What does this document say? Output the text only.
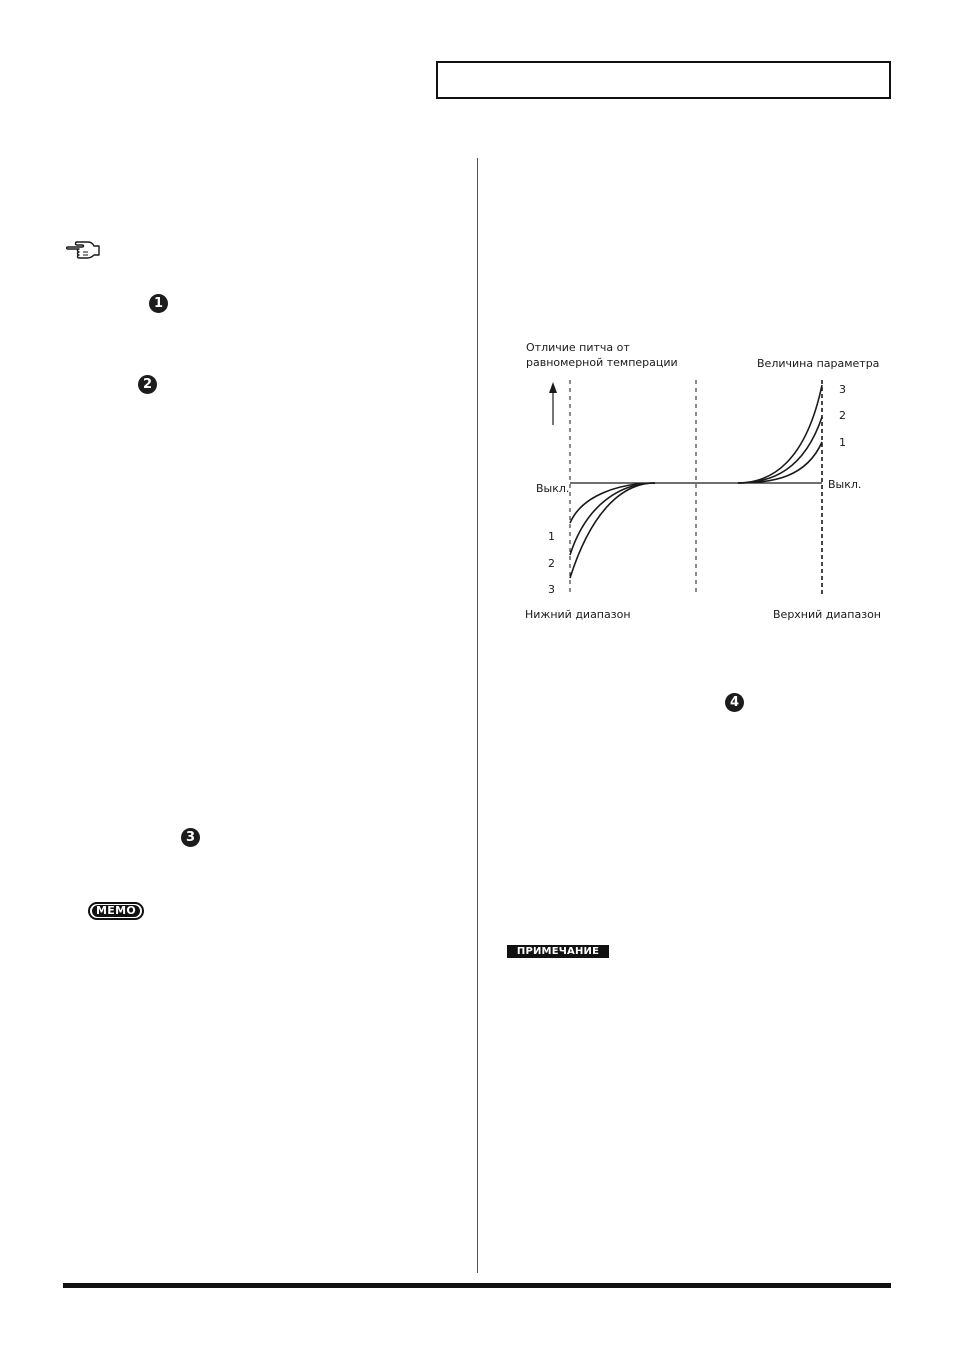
1
2
3
4
MEMO
ПРИМЕЧАНИЕ
Отличие питча от
равномерной темперации	Величина параметра
Выкл.	Выкл.
1
2
3
3
2
1
Нижний диапазон	Верхний диапазон
